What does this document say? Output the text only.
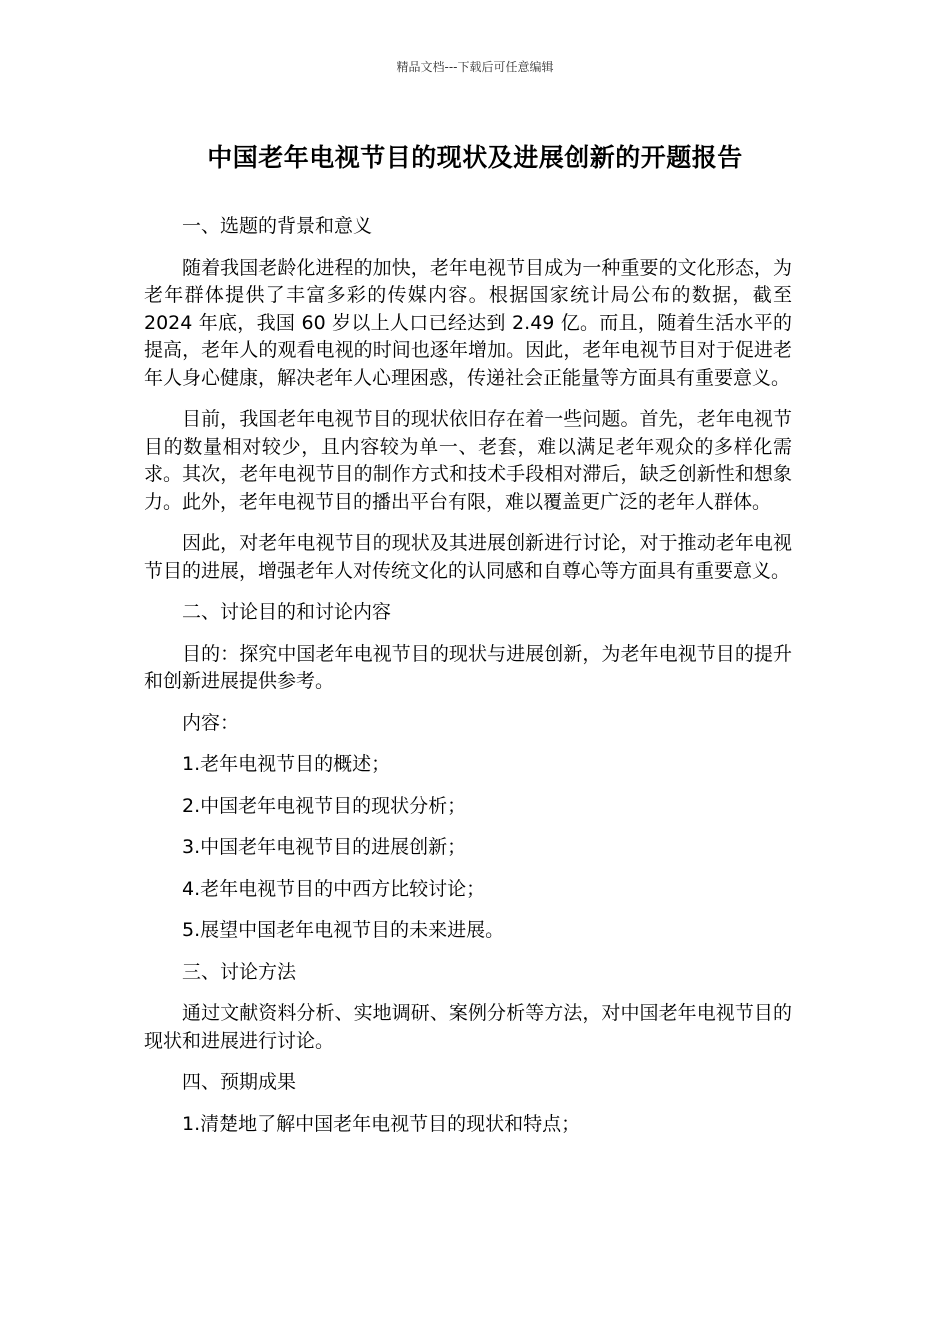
精品文档---下载后可任意编辑
中国老年电视节目的现状及进展创新的开题报告

一、选题的背景和意义

随着我国老龄化进程的加快，老年电视节目成为一种重要的文化形态，为老年群体提供了丰富多彩的传媒内容。根据国家统计局公布的数据，截至 2024 年底，我国 60 岁以上人口已经达到 2.49 亿。而且，随着生活水平的提高，老年人的观看电视的时间也逐年增加。因此，老年电视节目对于促进老年人身心健康，解决老年人心理困惑，传递社会正能量等方面具有重要意义。

目前，我国老年电视节目的现状依旧存在着一些问题。首先，老年电视节目的数量相对较少，且内容较为单一、老套，难以满足老年观众的多样化需求。其次，老年电视节目的制作方式和技术手段相对滞后，缺乏创新性和想象力。此外，老年电视节目的播出平台有限，难以覆盖更广泛的老年人群体。

因此，对老年电视节目的现状及其进展创新进行讨论，对于推动老年电视节目的进展，增强老年人对传统文化的认同感和自尊心等方面具有重要意义。

二、讨论目的和讨论内容

目的：探究中国老年电视节目的现状与进展创新，为老年电视节目的提升和创新进展提供参考。

内容：

1.老年电视节目的概述；

2.中国老年电视节目的现状分析；

3.中国老年电视节目的进展创新；

4.老年电视节目的中西方比较讨论；

5.展望中国老年电视节目的未来进展。

三、讨论方法

通过文献资料分析、实地调研、案例分析等方法，对中国老年电视节目的现状和进展进行讨论。

四、预期成果

1.清楚地了解中国老年电视节目的现状和特点；
